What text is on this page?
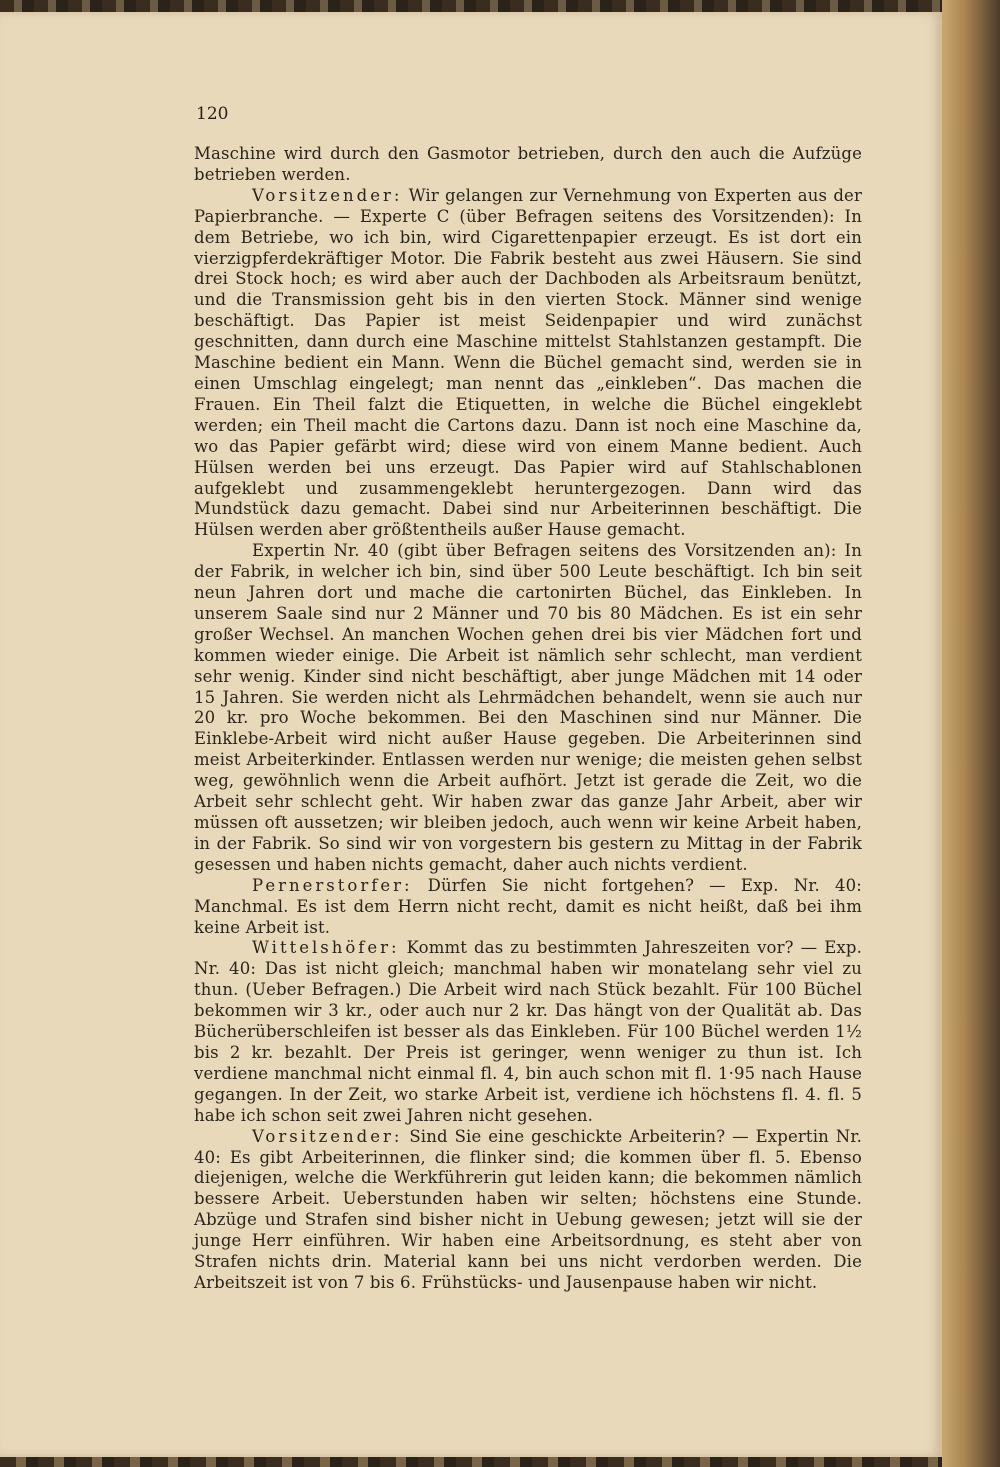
120

Maschine wird durch den Gasmotor betrieben, durch den auch die Aufzüge betrieben werden.

Vorsitzender: Wir gelangen zur Vernehmung von Experten aus der Papierbranche. — Experte C (über Befragen seitens des Vorsitzenden): In dem Betriebe, wo ich bin, wird Cigarettenpapier erzeugt. Es ist dort ein vierzigpferdekräftiger Motor. Die Fabrik besteht aus zwei Häusern. Sie sind drei Stock hoch; es wird aber auch der Dachboden als Arbeitsraum benützt, und die Transmission geht bis in den vierten Stock. Männer sind wenige beschäftigt. Das Papier ist meist Seidenpapier und wird zunächst geschnitten, dann durch eine Maschine mittelst Stahlstanzen gestampft. Die Maschine bedient ein Mann. Wenn die Büchel gemacht sind, werden sie in einen Umschlag eingelegt; man nennt das „einkleben“. Das machen die Frauen. Ein Theil falzt die Etiquetten, in welche die Büchel eingeklebt werden; ein Theil macht die Cartons dazu. Dann ist noch eine Maschine da, wo das Papier gefärbt wird; diese wird von einem Manne bedient. Auch Hülsen werden bei uns erzeugt. Das Papier wird auf Stahlschablonen aufgeklebt und zusammengeklebt heruntergezogen. Dann wird das Mundstück dazu gemacht. Dabei sind nur Arbeiterinnen beschäftigt. Die Hülsen werden aber größtentheils außer Hause gemacht.

Expertin Nr. 40 (gibt über Befragen seitens des Vorsitzenden an): In der Fabrik, in welcher ich bin, sind über 500 Leute beschäftigt. Ich bin seit neun Jahren dort und mache die cartonirten Büchel, das Einkleben. In unserem Saale sind nur 2 Männer und 70 bis 80 Mädchen. Es ist ein sehr großer Wechsel. An manchen Wochen gehen drei bis vier Mädchen fort und kommen wieder einige. Die Arbeit ist nämlich sehr schlecht, man verdient sehr wenig. Kinder sind nicht beschäftigt, aber junge Mädchen mit 14 oder 15 Jahren. Sie werden nicht als Lehrmädchen behandelt, wenn sie auch nur 20 kr. pro Woche bekommen. Bei den Maschinen sind nur Männer. Die Einklebe-Arbeit wird nicht außer Hause gegeben. Die Arbeiterinnen sind meist Arbeiterkinder. Entlassen werden nur wenige; die meisten gehen selbst weg, gewöhnlich wenn die Arbeit aufhört. Jetzt ist gerade die Zeit, wo die Arbeit sehr schlecht geht. Wir haben zwar das ganze Jahr Arbeit, aber wir müssen oft aussetzen; wir bleiben jedoch, auch wenn wir keine Arbeit haben, in der Fabrik. So sind wir von vorgestern bis gestern zu Mittag in der Fabrik gesessen und haben nichts gemacht, daher auch nichts verdient.

Pernerstorfer: Dürfen Sie nicht fortgehen? — Exp. Nr. 40: Manchmal. Es ist dem Herrn nicht recht, damit es nicht heißt, daß bei ihm keine Arbeit ist.

Wittelshöfer: Kommt das zu bestimmten Jahreszeiten vor? — Exp. Nr. 40: Das ist nicht gleich; manchmal haben wir monatelang sehr viel zu thun. (Ueber Befragen.) Die Arbeit wird nach Stück bezahlt. Für 100 Büchel bekommen wir 3 kr., oder auch nur 2 kr. Das hängt von der Qualität ab. Das Bücherüberschleifen ist besser als das Einkleben. Für 100 Büchel werden 1½ bis 2 kr. bezahlt. Der Preis ist geringer, wenn weniger zu thun ist. Ich verdiene manchmal nicht einmal fl. 4, bin auch schon mit fl. 1·95 nach Hause gegangen. In der Zeit, wo starke Arbeit ist, verdiene ich höchstens fl. 4. fl. 5 habe ich schon seit zwei Jahren nicht gesehen.

Vorsitzender: Sind Sie eine geschickte Arbeiterin? — Expertin Nr. 40: Es gibt Arbeiterinnen, die flinker sind; die kommen über fl. 5. Ebenso diejenigen, welche die Werkführerin gut leiden kann; die bekommen nämlich bessere Arbeit. Ueberstunden haben wir selten; höchstens eine Stunde. Abzüge und Strafen sind bisher nicht in Uebung gewesen; jetzt will sie der junge Herr einführen. Wir haben eine Arbeitsordnung, es steht aber von Strafen nichts drin. Material kann bei uns nicht verdorben werden. Die Arbeitszeit ist von 7 bis 6. Frühstücks- und Jausenpause haben wir nicht.
